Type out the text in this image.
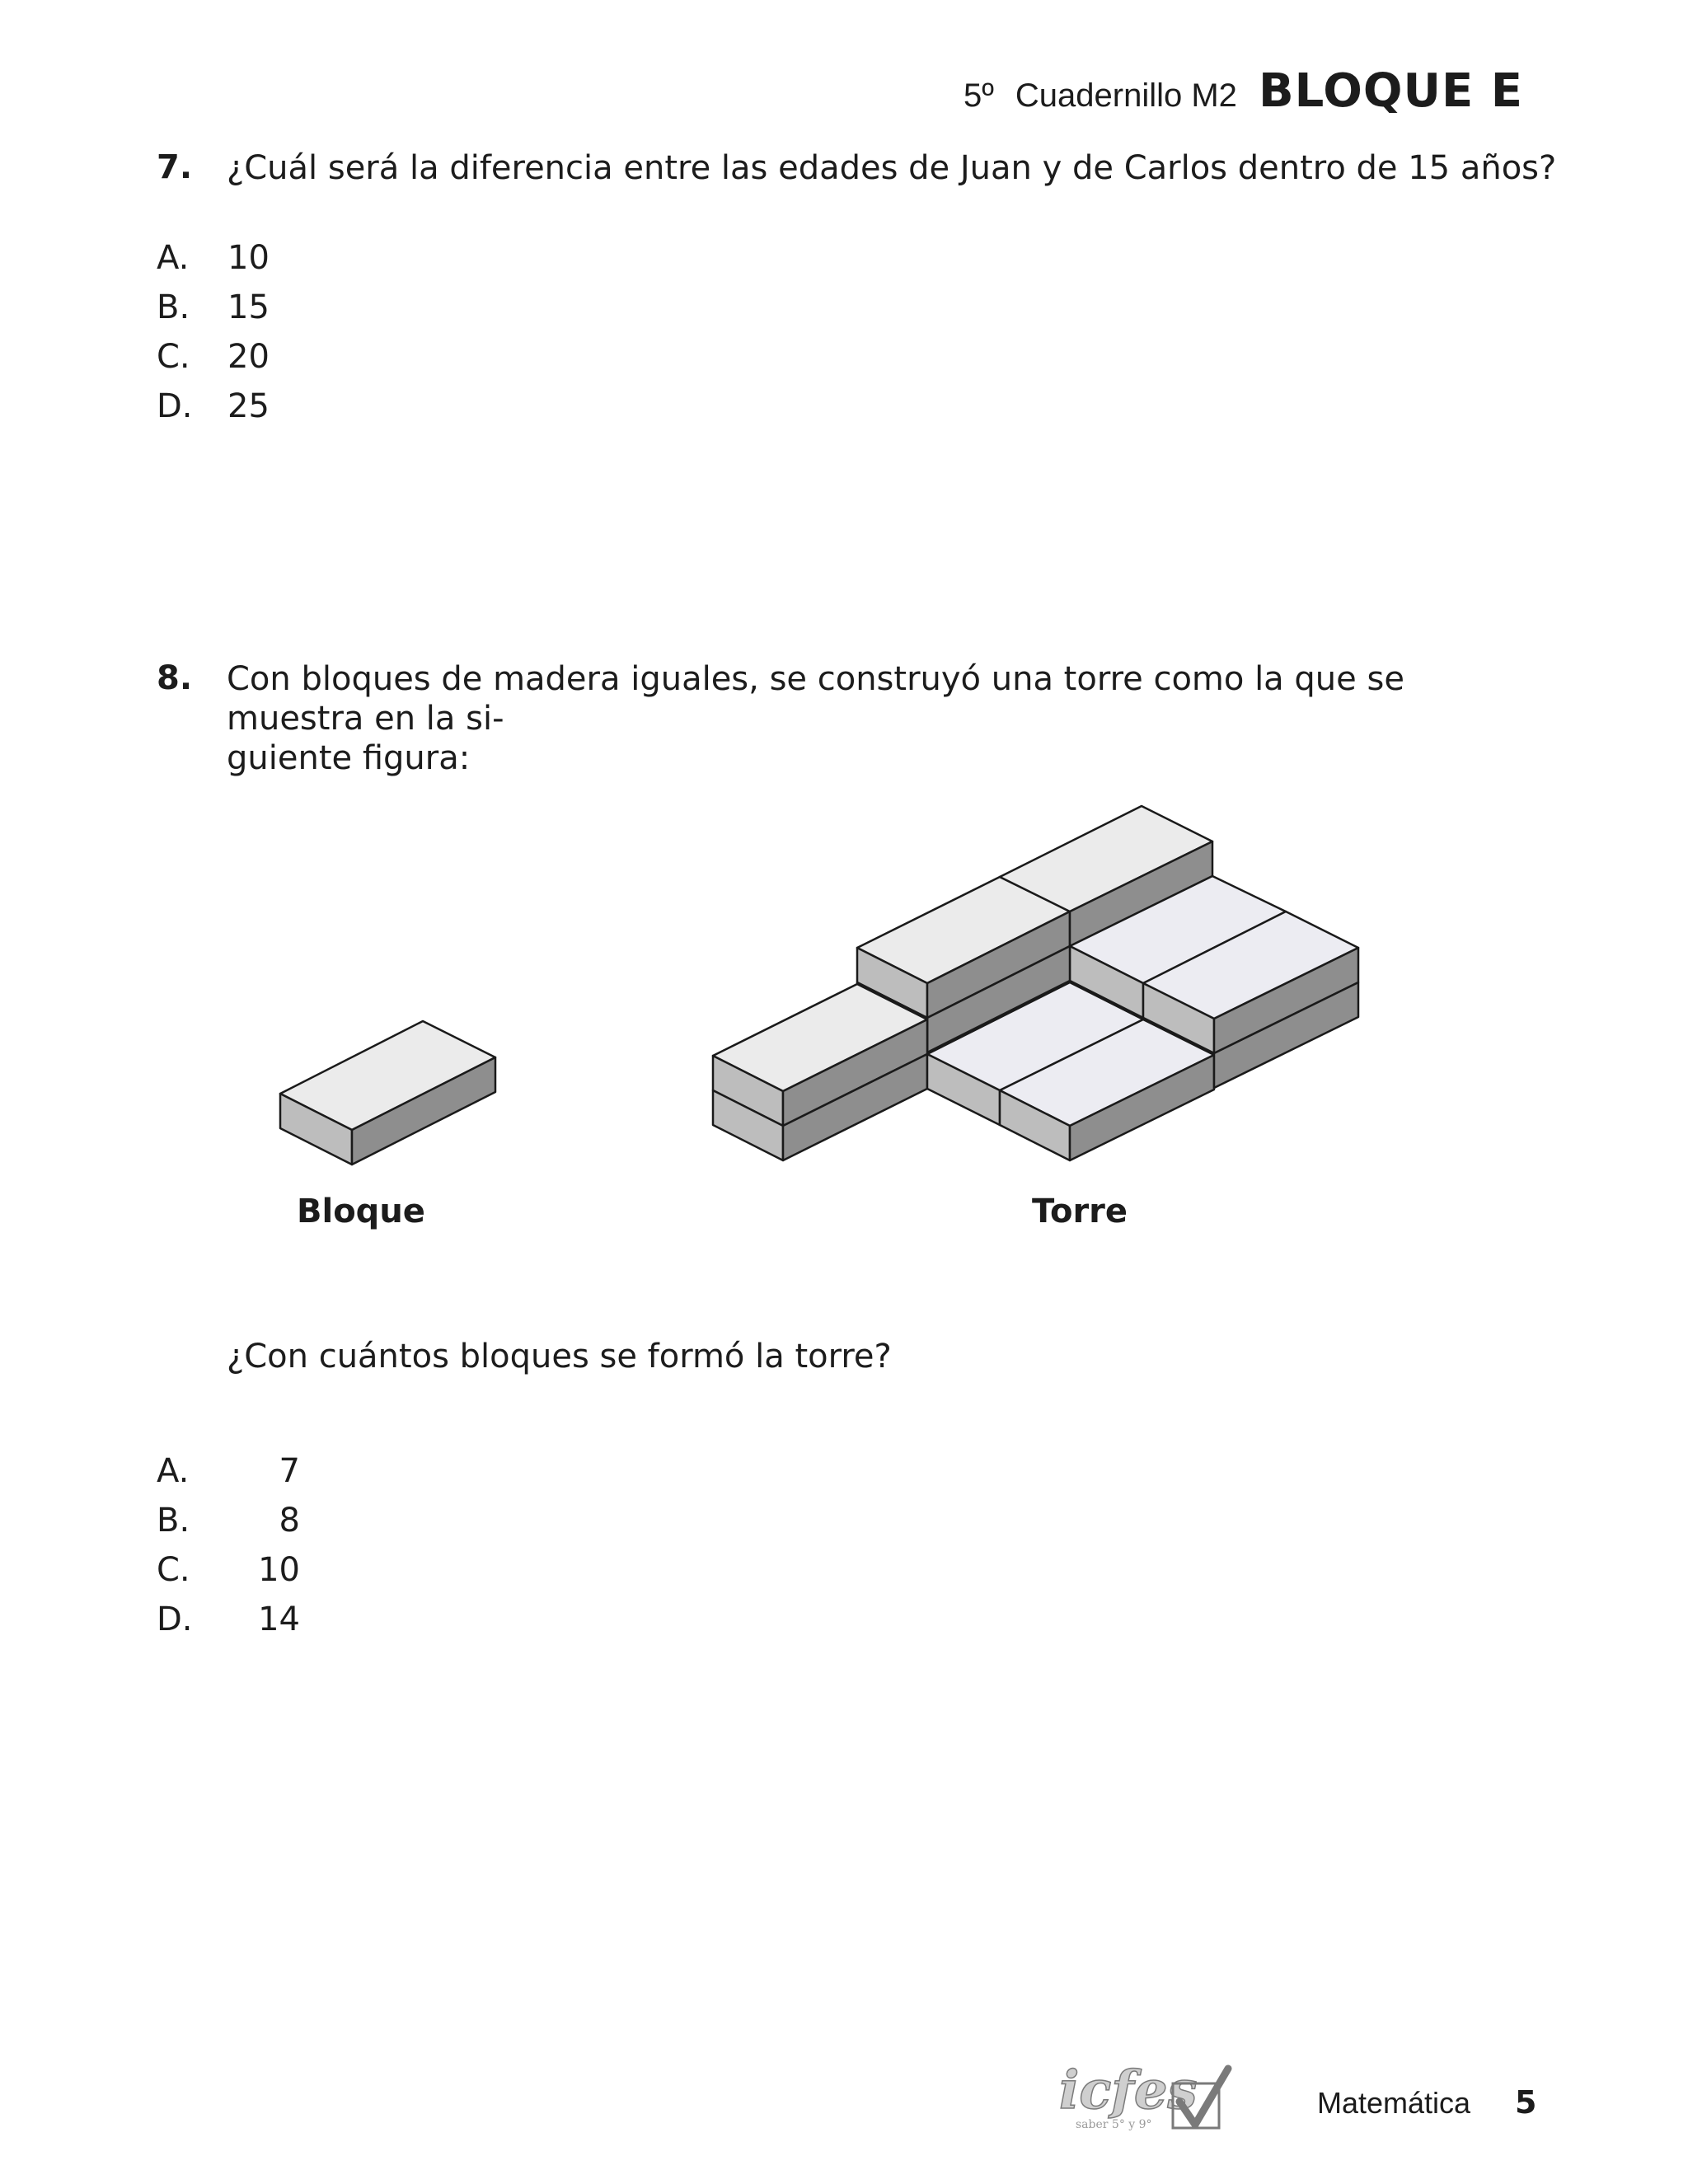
5º Cuadernillo M2 BLOQUE E
7. ¿Cuál será la diferencia entre las edades de Juan y de Carlos dentro de 15 años?
A.	10
B.	15
C.	20
D.	25
8. Con bloques de madera iguales, se construyó una torre como la que se muestra en la si-
guiente figura:
Bloque	Torre
¿Con cuántos bloques se formó la torre?
A.	7
B.	8
C.	10
D.	14
icfes
saber 5° y 9°
Matemática 5
